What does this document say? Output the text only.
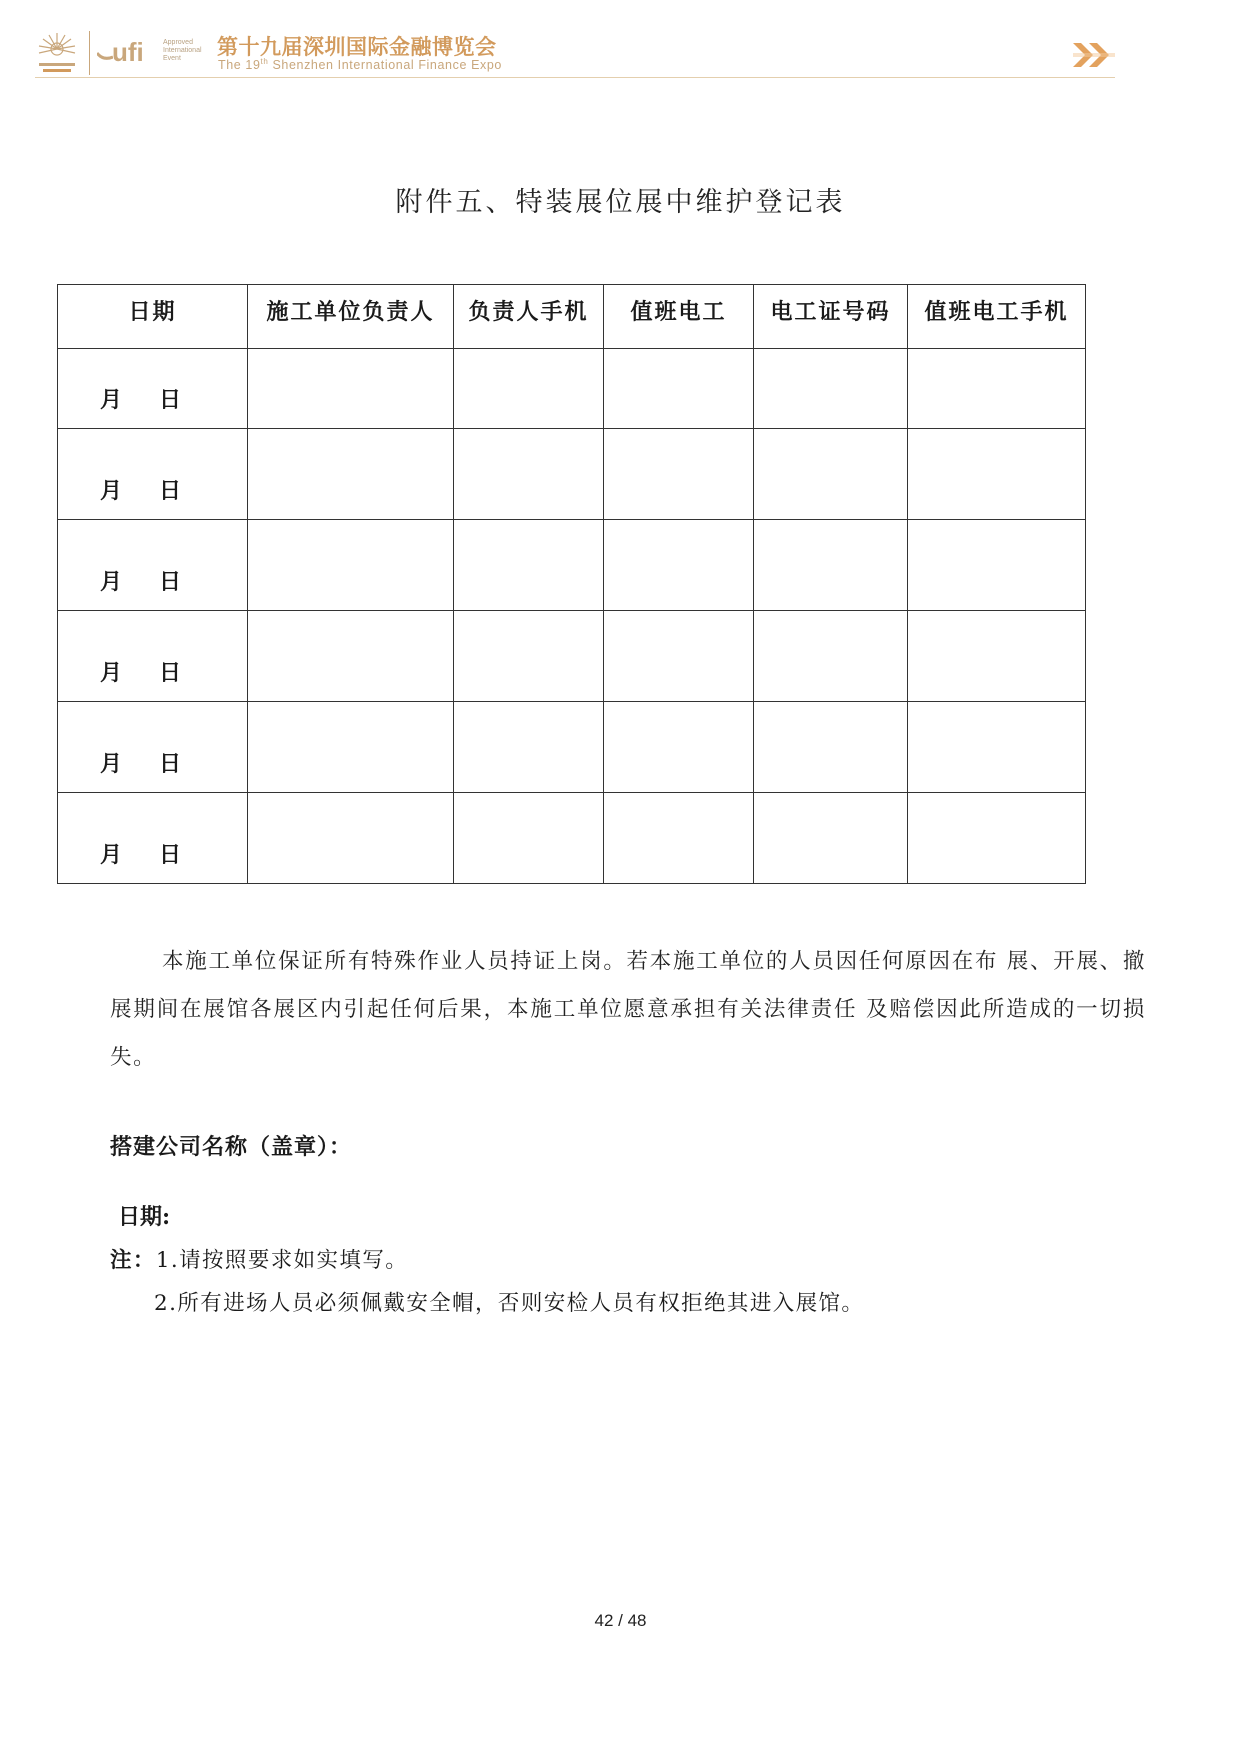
ufi	Approved
International
Event	第十九届深圳国际金融博览会
The 19th Shenzhen International Finance Expo
附件五、特装展位展中维护登记表
日期	施工单位负责人	负责人手机	值班电工	电工证号码	值班电工手机

月 日					

月 日					

月 日					

月 日					

月 日					

月 日					

本施工单位保证所有特殊作业人员持证上岗。若本施工单位的人员因任何原因在布 展、开展、撤展期间在展馆各展区内引起任何后果，本施工单位愿意承担有关法律责任 及赔偿因此所造成的一切损失。
搭建公司名称（盖章）：
日期:
注：1.请按照要求如实填写。
2.所有进场人员必须佩戴安全帽，否则安检人员有权拒绝其进入展馆。
42 / 48
